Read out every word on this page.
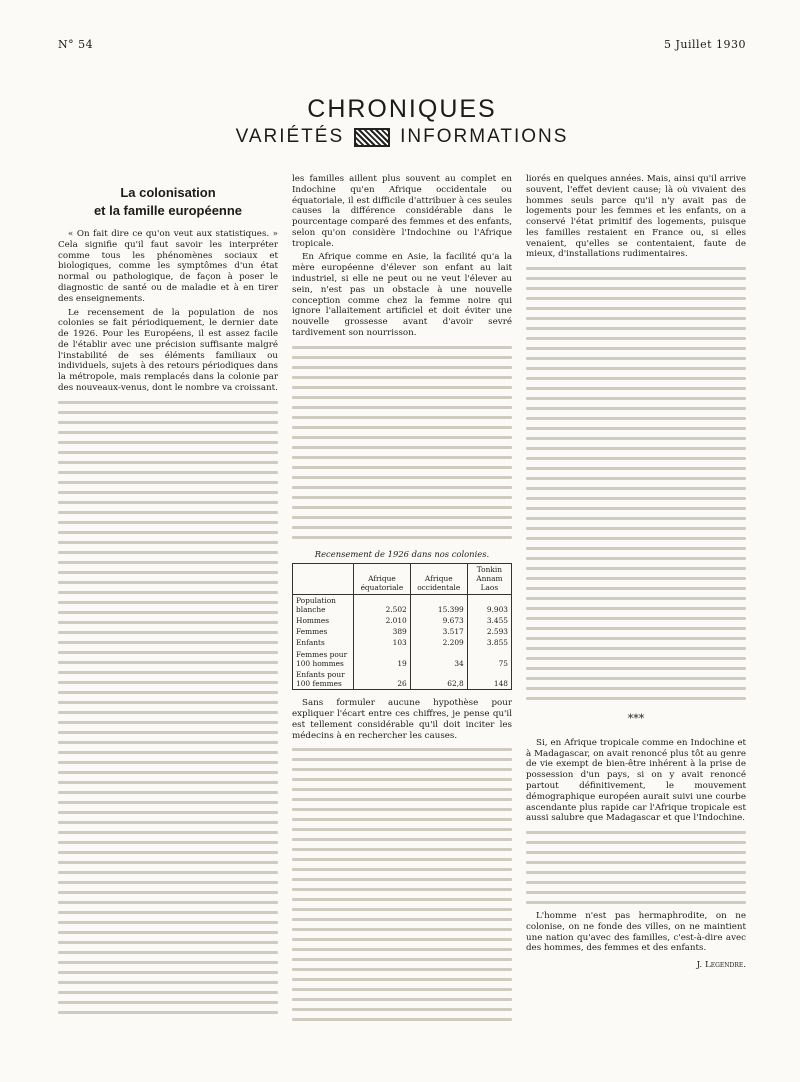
N° 54	5 Juillet 1930
CHRONIQUES
VARIÉTÉS	INFORMATIONS
La colonisation
et la famille européenne

« On fait dire ce qu'on veut aux statistiques. » Cela signifie qu'il faut savoir les interpréter comme tous les phénomènes sociaux et biologiques, comme les symptômes d'un état normal ou pathologique, de façon à poser le diagnostic de santé ou de maladie et à en tirer des enseignements.

Le recensement de la population de nos colonies se fait périodiquement, le dernier date de 1926. Pour les Européens, il est assez facile de l'établir avec une précision suffisante malgré l'instabilité de ses éléments familiaux ou individuels, sujets à des retours périodiques dans la métropole, mais remplacés dans la colonie par des nouveaux-venus, dont le nombre va croissant.

les familles aillent plus souvent au complet en Indochine qu'en Afrique occidentale ou équatoriale, il est difficile d'attribuer à ces seules causes la différence considérable dans le pourcentage comparé des femmes et des enfants, selon qu'on considère l'Indochine ou l'Afrique tropicale.

En Afrique comme en Asie, la facilité qu'a la mère européenne d'élever son enfant au lait industriel, si elle ne peut ou ne veut l'élever au sein, n'est pas un obstacle à une nouvelle conception comme chez la femme noire qui ignore l'allaitement artificiel et doit éviter une nouvelle grossesse avant d'avoir sevré tardivement son nourrisson.

Recensement de 1926 dans nos colonies.
	Afrique équatoriale	Afrique occidentale	Tonkin Annam Laos
Population blanche	2.502	15.399	9.903
Hommes	2.010	9.673	3.455
Femmes	389	3.517	2.593
Enfants	103	2.209	3.855
Femmes pour 100 hommes	19	34	75
Enfants pour 100 femmes	26	62,8	148

Sans formuler aucune hypothèse pour expliquer l'écart entre ces chiffres, je pense qu'il est tellement considérable qu'il doit inciter les médecins à en rechercher les causes.

liorés en quelques années. Mais, ainsi qu'il arrive souvent, l'effet devient cause; là où vivaient des hommes seuls parce qu'il n'y avait pas de logements pour les femmes et les enfants, on a conservé l'état primitif des logements, puisque les familles restaient en France ou, si elles venaient, qu'elles se contentaient, faute de mieux, d'installations rudimentaires.

***

Si, en Afrique tropicale comme en Indochine et à Madagascar, on avait renoncé plus tôt au genre de vie exempt de bien-être inhérent à la prise de possession d'un pays, si on y avait renoncé partout définitivement, le mouvement démographique européen aurait suivi une courbe ascendante plus rapide car l'Afrique tropicale est aussi salubre que Madagascar et que l'Indochine.

L'homme n'est pas hermaphrodite, on ne colonise, on ne fonde des villes, on ne maintient une nation qu'avec des familles, c'est-à-dire avec des hommes, des femmes et des enfants.

J. Legendre.
